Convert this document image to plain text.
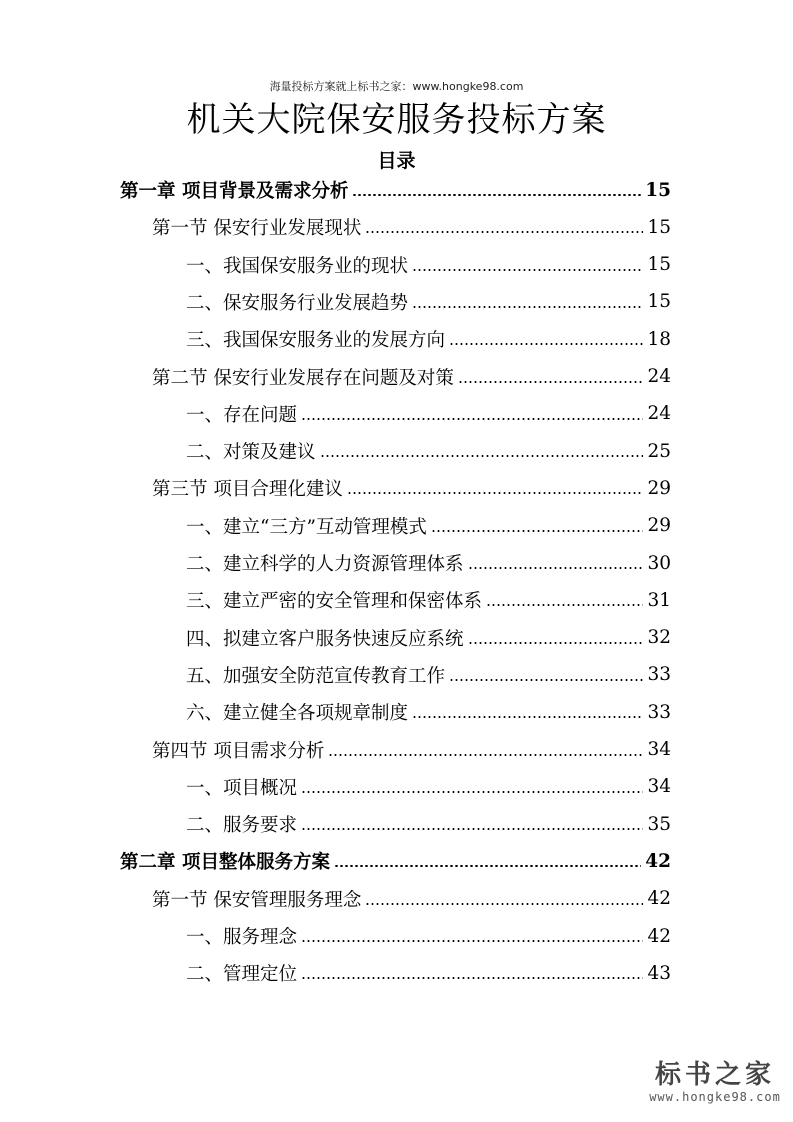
海量投标方案就上标书之家：www.hongke98.com
机关大院保安服务投标方案
目录
第一章 项目背景及需求分析	15
第一节 保安行业发展现状	15
一、我国保安服务业的现状	15
二、保安服务行业发展趋势	15
三、我国保安服务业的发展方向	18
第二节 保安行业发展存在问题及对策	24
一、存在问题	24
二、对策及建议	25
第三节 项目合理化建议	29
一、建立“三方”互动管理模式	29
二、建立科学的人力资源管理体系	30
三、建立严密的安全管理和保密体系	31
四、拟建立客户服务快速反应系统	32
五、加强安全防范宣传教育工作	33
六、建立健全各项规章制度	33
第四节 项目需求分析	34
一、项目概况	34
二、服务要求	35
第二章 项目整体服务方案	42
第一节 保安管理服务理念	42
一、服务理念	42
二、管理定位	43
标书之家
www.hongke98.com
